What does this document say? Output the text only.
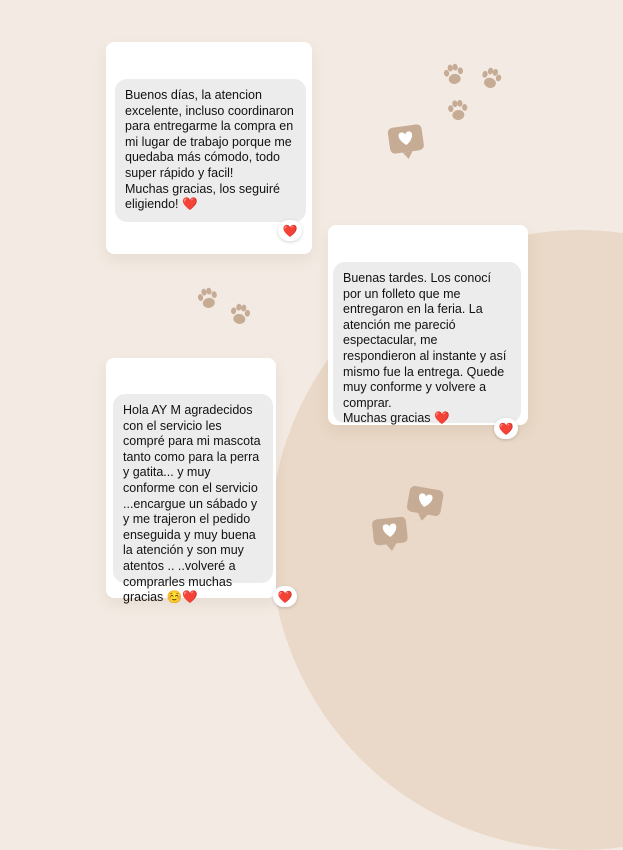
Buenos días, la atencion excelente, incluso coordinaron para entregarme la compra en mi lugar de trabajo porque me quedaba más cómodo, todo super rápido y facil!
Muchas gracias, los seguiré eligiendo! ❤️
❤️
Buenas tardes. Los conocí por un folleto que me entregaron en la feria. La atención me pareció espectacular, me respondieron al instante y así mismo fue la entrega. Quede muy conforme y volvere a comprar.
Muchas gracias ❤️
❤️
Hola AY M agradecidos con el servicio les compré para mi mascota tanto como para la perra y gatita... y muy conforme con el servicio ...encargue un sábado y y me trajeron el pedido enseguida y muy buena la atención y son muy atentos .. ..volveré a comprarles muchas gracias ☺️❤️	❤️
